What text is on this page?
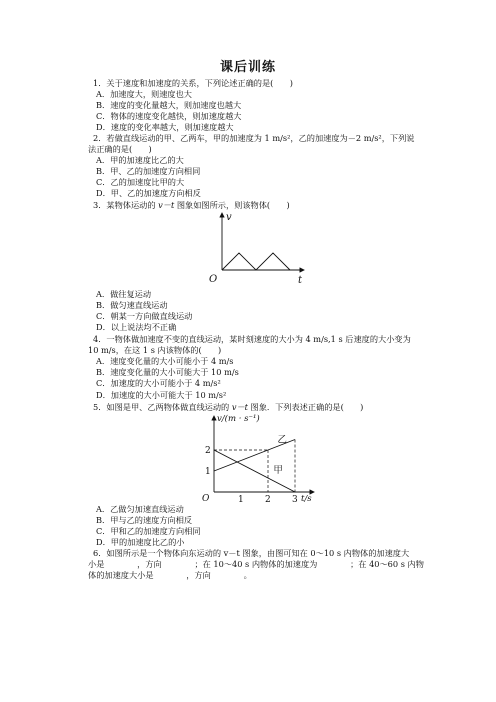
课后训练
1．关于速度和加速度的关系，下列论述正确的是(　　)
A．加速度大，则速度也大
B．速度的变化量越大，则加速度也越大
C．物体的速度变化越快，则加速度越大
D．速度的变化率越大，则加速度越大
2．若做直线运动的甲、乙两车，甲的加速度为 1 m/s²，乙的加速度为－2 m/s²，下列说
法正确的是(　　)
A．甲的加速度比乙的大
B．甲、乙的加速度方向相同
C．乙的加速度比甲的大
D．甲、乙的加速度方向相反
3．某物体运动的 v－t 图象如图所示，则该物体(　　)
v
t
O
A．做往复运动
B．做匀速直线运动
C．朝某一方向做直线运动
D．以上说法均不正确
4．一物体做加速度不变的直线运动，某时刻速度的大小为 4 m/s,1 s 后速度的大小变为
10 m/s，在这 1 s 内该物体的(　　)
A．速度变化量的大小可能小于 4 m/s
B．速度变化量的大小可能大于 10 m/s
C．加速度的大小可能小于 4 m/s²
D．加速度的大小可能大于 10 m/s²
5．如图是甲、乙两物体做直线运动的 v－t 图象．下列表述正确的是(　　)
v/(m · s⁻¹)
t/s
O
1
2
1 2 3
甲
乙
A．乙做匀加速直线运动
B．甲与乙的速度方向相反
C．甲和乙的加速度方向相同
D．甲的加速度比乙的小
6．如图所示是一个物体向东运动的 v－t 图象，由图可知在 0～10 s 内物体的加速度大
小是　　　　，方向　　　　；在 10～40 s 内物体的加速度为　　　　；在 40～60 s 内物
体的加速度大小是　　　　，方向　　　　。
